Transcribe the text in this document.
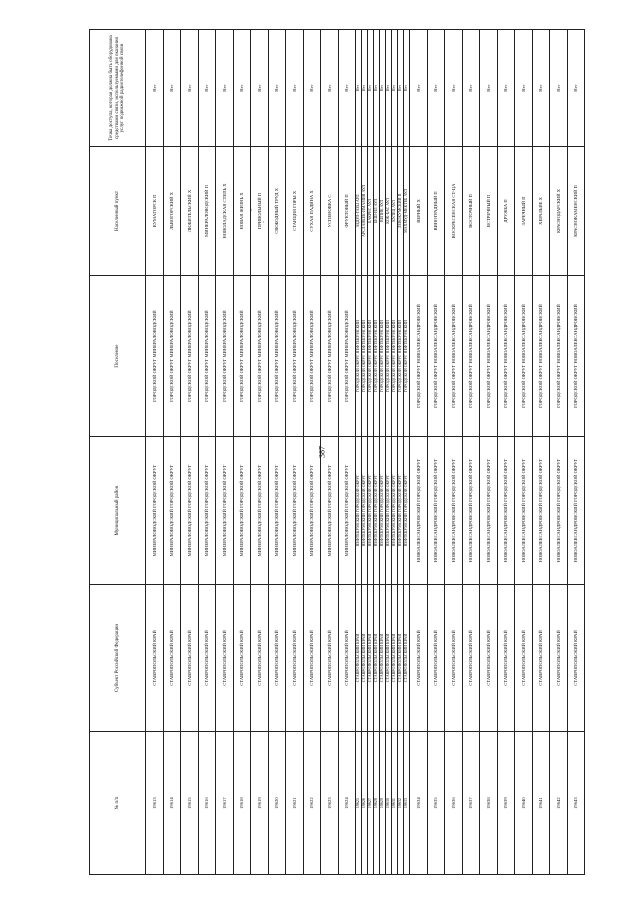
·
·
№ п/п	Субъект Российской Федерации	Муниципальный район	Поселение	Населенный пункт	Точка доступа, которая должна быть оборудована средствами связи, используемыми для оказания услуг подвижной радиотелефонной связи
19613	СТАВРОПОЛЬСКИЙ КРАЙ	МИНЕРАЛОВОДСКИЙ ГОРОДСКОЙ ОКРУГ	ГОРОДСКОЙ ОКРУГ МИНЕРАЛОВОДСКИЙ	КУМАГОРСК П	Нет
19614	СТАВРОПОЛЬСКИЙ КРАЙ	МИНЕРАЛОВОДСКИЙ ГОРОДСКОЙ ОКРУГ	ГОРОДСКОЙ ОКРУГ МИНЕРАЛОВОДСКИЙ	ЛЬВОГОРСКИЙ Х	Нет
19615	СТАВРОПОЛЬСКИЙ КРАЙ	МИНЕРАЛОВОДСКИЙ ГОРОДСКОЙ ОКРУГ	ГОРОДСКОЙ ОКРУГ МИНЕРАЛОВОДСКИЙ	ЛЮБИТЕЛЬСКИЙ Х	Нет
19616	СТАВРОПОЛЬСКИЙ КРАЙ	МИНЕРАЛОВОДСКИЙ ГОРОДСКОЙ ОКРУГ	ГОРОДСКОЙ ОКРУГ МИНЕРАЛОВОДСКИЙ	МИНЕРАЛОВОДСКИЙ П	Нет
19617	СТАВРОПОЛЬСКИЙ КРАЙ	МИНЕРАЛОВОДСКИЙ ГОРОДСКОЙ ОКРУГ	ГОРОДСКОЙ ОКРУГ МИНЕРАЛОВОДСКИЙ	НОВОЛАДСКАЯ СТЕПЬ Х	Нет
19618	СТАВРОПОЛЬСКИЙ КРАЙ	МИНЕРАЛОВОДСКИЙ ГОРОДСКОЙ ОКРУГ	ГОРОДСКОЙ ОКРУГ МИНЕРАЛОВОДСКИЙ	НОВАЯ ЖИЗНЬ Х	Нет
19619	СТАВРОПОЛЬСКИЙ КРАЙ	МИНЕРАЛОВОДСКИЙ ГОРОДСКОЙ ОКРУГ	ГОРОДСКОЙ ОКРУГ МИНЕРАЛОВОДСКИЙ	ПРИВОЛЬНЫЙ П	Нет
19620	СТАВРОПОЛЬСКИЙ КРАЙ	МИНЕРАЛОВОДСКИЙ ГОРОДСКОЙ ОКРУГ	ГОРОДСКОЙ ОКРУГ МИНЕРАЛОВОДСКИЙ	СВОБОДНЫЙ ТРУД Х	Нет
19621	СТАВРОПОЛЬСКИЙ КРАЙ	МИНЕРАЛОВОДСКИЙ ГОРОДСКОЙ ОКРУГ	ГОРОДСКОЙ ОКРУГ МИНЕРАЛОВОДСКИЙ	СТАНЦИЯ ГОРЫ Х	Нет
19622	СТАВРОПОЛЬСКИЙ КРАЙ	МИНЕРАЛОВОДСКИЙ ГОРОДСКОЙ ОКРУГ	ГОРОДСКОЙ ОКРУГ МИНЕРАЛОВОДСКИЙ	СУХАЯ ПАДИНА Х	Нет
19623	СТАВРОПОЛЬСКИЙ КРАЙ	МИНЕРАЛОВОДСКИЙ ГОРОДСКОЙ ОКРУГ	ГОРОДСКОЙ ОКРУГ МИНЕРАЛОВОДСКИЙ	УСПЕНОВКА С	Нет
19624	СТАВРОПОЛЬСКИЙ КРАЙ	МИНЕРАЛОВОДСКИЙ ГОРОДСКОЙ ОКРУГ	ГОРОДСКОЙ ОКРУГ МИНЕРАЛОВОДСКИЙ	ФРУКТОВЫЙ П	Нет
19625	СТАВРОПОЛЬСКИЙ КРАЙ	НЕФТЕКУМСКИЙ ГОРОДСКОЙ ОКРУГ	ГОРОДСКОЙ ОКРУГ НЕФТЕКУМСКИЙ	АБДУЛ-ГАЗЫ АУЛ	Нет
19626	СТАВРОПОЛЬСКИЙ КРАЙ	НЕФТЕКУМСКИЙ ГОРОДСКОЙ ОКРУГ	ГОРОДСКОЙ ОКРУГ НЕФТЕКУМСКИЙ	АРСЛАНБЕК-ИМАМИЯ АУЛ	Нет
19627	СТАВРОПОЛЬСКИЙ КРАЙ	НЕФТЕКУМСКИЙ ГОРОДСКОЙ ОКРУГ	ГОРОДСКОЙ ОКРУГ НЕФТЕКУМСКИЙ	БАКРЕС АУЛ	Нет
19628	СТАВРОПОЛЬСКИЙ КРАЙ	НЕФТЕКУМСКИЙ ГОРОДСКОЙ ОКРУГ	ГОРОДСКОЙ ОКРУГ НЕФТЕКУМСКИЙ	БЕШ-ИЛ АУЛ	Нет
19629	СТАВРОПОЛЬСКИЙ КРАЙ	НЕФТЕКУМСКИЙ ГОРОДСКОЙ ОКРУГ	ГОРОДСКОЙ ОКРУГ НЕФТЕКУМСКИЙ	ВЕПИК АУЛ	Нет
19630	СТАВРОПОЛЬСКИЙ КРАЙ	НЕФТЕКУМСКИЙ ГОРОДСКОЙ ОКРУГ	ГОРОДСКОЙ ОКРУГ НЕФТЕКУМСКИЙ	КОК-БАС АУЛ	Нет
19631	СТАВРОПОЛЬСКИЙ КРАЙ	НЕФТЕКУМСКИЙ ГОРОДСКОЙ ОКРУГ	ГОРОДСКОЙ ОКРУГ НЕФТЕКУМСКИЙ	КУЛЕЦ АУЛ	Нет
19632	СТАВРОПОЛЬСКИЙ КРАЙ	НЕФТЕКУМСКИЙ ГОРОДСКОЙ ОКРУГ	ГОРОДСКОЙ ОКРУГ НЕФТЕКУМСКИЙ	ЛЕВОКУМСКИЙ П	Нет
19633	СТАВРОПОЛЬСКИЙ КРАЙ	НЕФТЕКУМСКИЙ ГОРОДСКОЙ ОКРУГ	ГОРОДСКОЙ ОКРУГ НЕФТЕКУМСКИЙ	МАХМУД-МЕКТЕБ АУЛ	Нет
19634	СТАВРОПОЛЬСКИЙ КРАЙ	НОВОАЛЕКСАНДРОВСКИЙ ГОРОДСКОЙ ОКРУГ	ГОРОДСКОЙ ОКРУГ НОВОАЛЕКСАНДРОВСКИЙ	ВЕРНЫЙ Х	Нет
19635	СТАВРОПОЛЬСКИЙ КРАЙ	НОВОАЛЕКСАНДРОВСКИЙ ГОРОДСКОЙ ОКРУГ	ГОРОДСКОЙ ОКРУГ НОВОАЛЕКСАНДРОВСКИЙ	ВИНОГРАДНЫЙ П	Нет
19636	СТАВРОПОЛЬСКИЙ КРАЙ	НОВОАЛЕКСАНДРОВСКИЙ ГОРОДСКОЙ ОКРУГ	ГОРОДСКОЙ ОКРУГ НОВОАЛЕКСАНДРОВСКИЙ	ВОСКРЕСЕНСКАЯ СТ-ЦА	Нет
19637	СТАВРОПОЛЬСКИЙ КРАЙ	НОВОАЛЕКСАНДРОВСКИЙ ГОРОДСКОЙ ОКРУГ	ГОРОДСКОЙ ОКРУГ НОВОАЛЕКСАНДРОВСКИЙ	ВОСТОЧНЫЙ П	Нет
19638	СТАВРОПОЛЬСКИЙ КРАЙ	НОВОАЛЕКСАНДРОВСКИЙ ГОРОДСКОЙ ОКРУГ	ГОРОДСКОЙ ОКРУГ НОВОАЛЕКСАНДРОВСКИЙ	ВСТРЕЧНЫЙ П	Нет
19639	СТАВРОПОЛЬСКИЙ КРАЙ	НОВОАЛЕКСАНДРОВСКИЙ ГОРОДСКОЙ ОКРУГ	ГОРОДСКОЙ ОКРУГ НОВОАЛЕКСАНДРОВСКИЙ	ДРУЖБА П	Нет
19640	СТАВРОПОЛЬСКИЙ КРАЙ	НОВОАЛЕКСАНДРОВСКИЙ ГОРОДСКОЙ ОКРУГ	ГОРОДСКОЙ ОКРУГ НОВОАЛЕКСАНДРОВСКИЙ	ЗАРЕЧНЫЙ П	Нет
19641	СТАВРОПОЛЬСКИЙ КРАЙ	НОВОАЛЕКСАНДРОВСКИЙ ГОРОДСКОЙ ОКРУГ	ГОРОДСКОЙ ОКРУГ НОВОАЛЕКСАНДРОВСКИЙ	ХЕРАЛЬИЕ Х	Нет
19642	СТАВРОПОЛЬСКИЙ КРАЙ	НОВОАЛЕКСАНДРОВСКИЙ ГОРОДСКОЙ ОКРУГ	ГОРОДСКОЙ ОКРУГ НОВОАЛЕКСАНДРОВСКИЙ	КРАСНОДАРСКИЙ Х	Нет
19643	СТАВРОПОЛЬСКИЙ КРАЙ	НОВОАЛЕКСАНДРОВСКИЙ ГОРОДСКОЙ ОКРУГ	ГОРОДСКОЙ ОКРУГ НОВОАЛЕКСАНДРОВСКИЙ	КРАСНОКАМЕНСКИЙ П	Нет
387
